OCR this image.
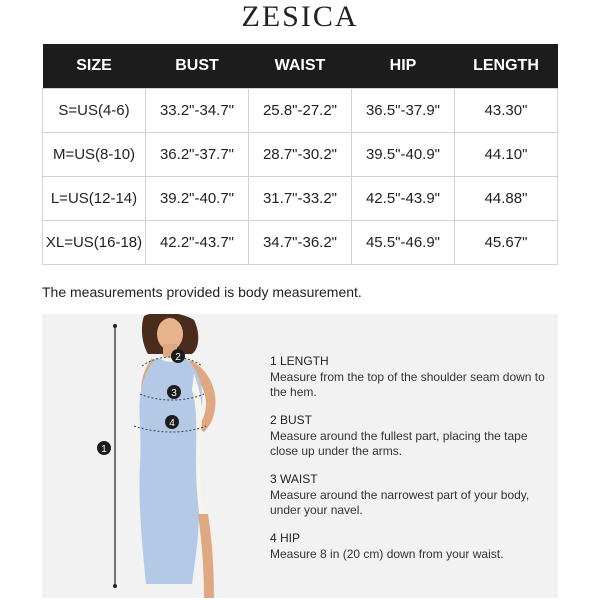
ZESICA
SIZE	BUST	WAIST	HIP	LENGTH
S=US(4-6)	33.2"-34.7"	25.8"-27.2"	36.5"-37.9"	43.30"
M=US(8-10)	36.2"-37.7"	28.7"-30.2"	39.5"-40.9"	44.10"
L=US(12-14)	39.2"-40.7"	31.7"-33.2"	42.5"-43.9"	44.88"
XL=US(16-18)	42.2"-43.7"	34.7"-36.2"	45.5"-46.9"	45.67"
The measurements provided is body measurement.
1
2
3
4
1 LENGTH
Measure from the top of the shoulder seam down to the hem.
2 BUST
Measure around the fullest part, placing the tape close up under the arms.
3 WAIST
Measure around the narrowest part of your body, under your navel.
4 HIP
Measure 8 in (20 cm) down from your waist.
